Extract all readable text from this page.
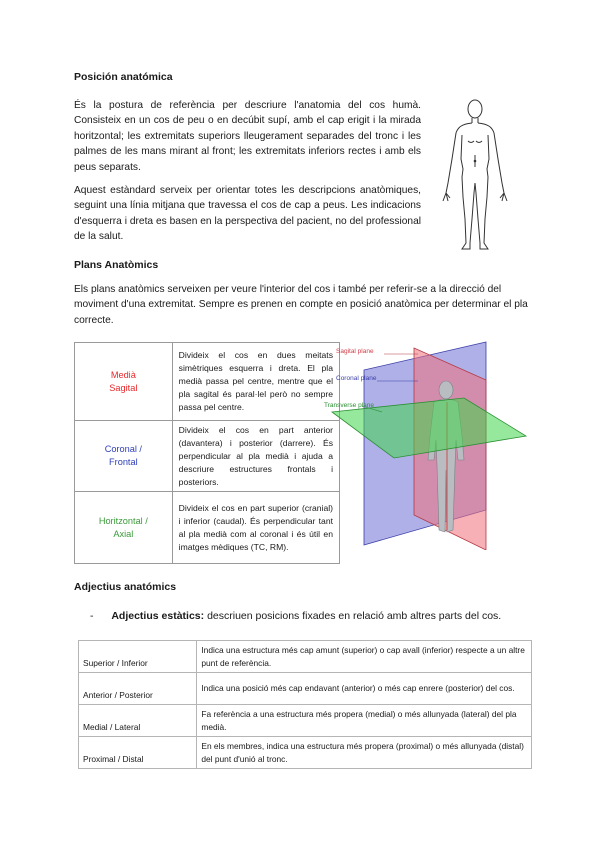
Posición anatómica
És la postura de referència per descriure l'anatomia del cos humà. Consisteix en un cos de peu o en decúbit supí, amb el cap erigit i la mirada horitzontal; les extremitats superiors lleugerament separades del tronc i les palmes de les mans mirant al front; les extremitats inferiors rectes i amb els peus separats.
Aquest estàndard serveix per orientar totes les descripcions anatòmiques, seguint una línia mitjana que travessa el cos de cap a peus. Les indicacions d'esquerra i dreta es basen en la perspectiva del pacient, no del professional de la salut.
Plans Anatòmics
Els plans anatòmics serveixen per veure l'interior del cos i també per referir-se a la direcció del moviment d'una extremitat. Sempre es prenen en compte en posició anatòmica per determinar el pla correcte.
Medià
Sagital	Divideix el cos en dues meitats simètriques esquerra i dreta. El pla medià passa pel centre, mentre que el pla sagital és paral·lel però no sempre passa pel centre.
Coronal /
Frontal	Divideix el cos en part anterior (davantera) i posterior (darrere). És perpendicular al pla medià i ajuda a descriure estructures frontals i posteriors.
Horitzontal /
Axial	Divideix el cos en part superior (cranial) i inferior (caudal). És perpendicular tant al pla medià com al coronal i és útil en imatges mèdiques (TC, RM).
Sagital plane
Coronal plane
Transverse plane
Adjectius anatómics
- Adjectius estàtics: descriuen posicions fixades en relació amb altres parts del cos.
Superior / Inferior	Indica una estructura més cap amunt (superior) o cap avall (inferior) respecte a un altre punt de referència.
Anterior / Posterior	Indica una posició més cap endavant (anterior) o més cap enrere (posterior) del cos.
Medial / Lateral	Fa referència a una estructura més propera (medial) o més allunyada (lateral) del pla medià.
Proximal / Distal	En els membres, indica una estructura més propera (proximal) o més allunyada (distal) del punt d'unió al tronc.
